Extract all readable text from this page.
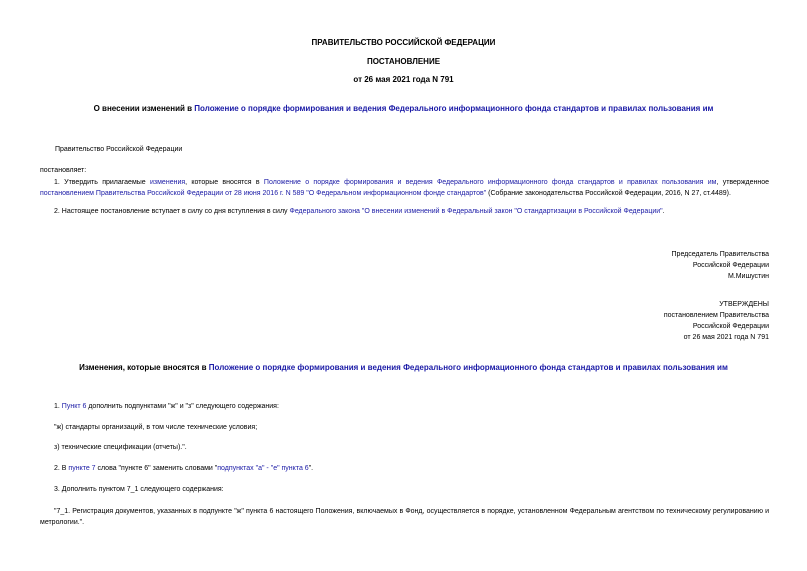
ПРАВИТЕЛЬСТВО РОССИЙСКОЙ ФЕДЕРАЦИИ
ПОСТАНОВЛЕНИЕ
от 26 мая 2021 года N 791
О внесении изменений в Положение о порядке формирования и ведения Федерального информационного фонда стандартов и правилах пользования им
Правительство Российской Федерации
постановляет:
1. Утвердить прилагаемые изменения, которые вносятся в Положение о порядке формирования и ведения Федерального информационного фонда стандартов и правилах пользования им, утвержденное постановлением Правительства Российской Федерации от 28 июня 2016 г. N 589 "О Федеральном информационном фонде стандартов" (Собрание законодательства Российской Федерации, 2016, N 27, ст.4489).
2. Настоящее постановление вступает в силу со дня вступления в силу Федерального закона "О внесении изменений в Федеральный закон "О стандартизации в Российской Федерации".
Председатель Правительства
Российской Федерации
М.Мишустин
УТВЕРЖДЕНЫ
постановлением Правительства
Российской Федерации
от 26 мая 2021 года N 791
Изменения, которые вносятся в Положение о порядке формирования и ведения Федерального информационного фонда стандартов и правилах пользования им
1. Пункт 6 дополнить подпунктами "ж" и "з" следующего содержания:
"ж) стандарты организаций, в том числе технические условия;
з) технические спецификации (отчеты).".
2. В пункте 7 слова "пункте 6" заменить словами "подпунктах "а" - "е" пункта 6".
3. Дополнить пунктом 7_1 следующего содержания:
"7_1. Регистрация документов, указанных в подпункте "ж" пункта 6 настоящего Положения, включаемых в Фонд, осуществляется в порядке, установленном Федеральным агентством по техническому регулированию и метрологии.".
